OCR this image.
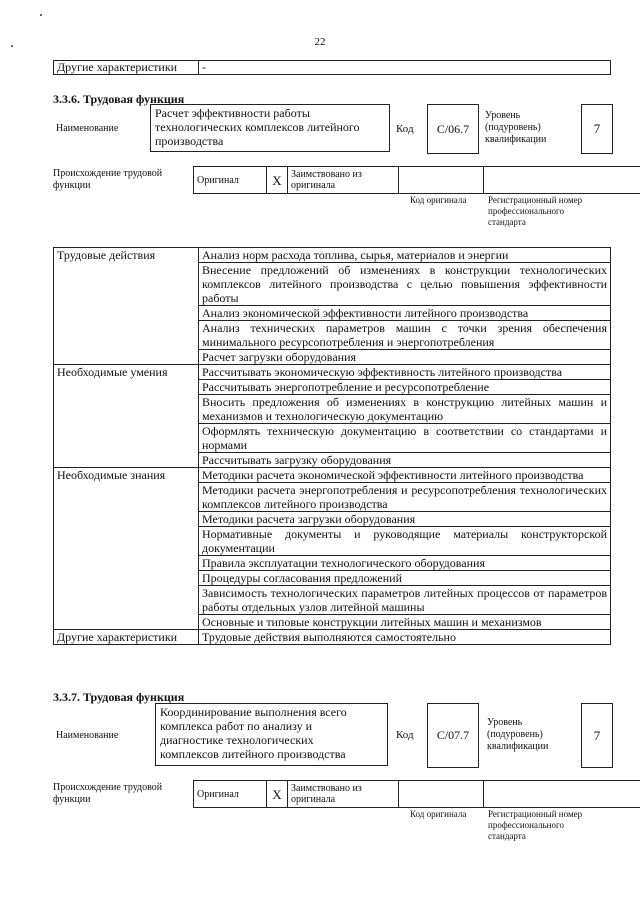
22
Другие характеристики	-
3.3.6. Трудовая функция
Наименование
Расчет эффективности работы
технологических комплексов литейного
производства
Код	С/06.7
Уровень
(подуровень)
квалификации
7
Происхождение трудовой
функции	Оригинал	X	Заимствовано из
оригинала

Код оригинала Регистрационный номер
профессионального
стандарта
Трудовые действия	Анализ норм расхода топлива, сырья, материалов и энергии
	Внесение предложений об изменениях в конструкции технологических комплексов литейного производства с целью повышения эффективности работы
	Анализ экономической эффективности литейного производства
	Анализ технических параметров машин с точки зрения обеспечения минимального ресурсопотребления и энергопотребления
	Расчет загрузки оборудования
Необходимые умения	Рассчитывать экономическую эффективность литейного производства
	Рассчитывать энергопотребление и ресурсопотребление
	Вносить предложения об изменениях в конструкцию литейных машин и механизмов и технологическую документацию
	Оформлять техническую документацию в соответствии со стандартами и нормами
	Рассчитывать загрузку оборудования
Необходимые знания	Методики расчета экономической эффективности литейного производства
	Методики расчета энергопотребления и ресурсопотребления технологических комплексов литейного производства
	Методики расчета загрузки оборудования
	Нормативные документы и руководящие материалы конструкторской документации
	Правила эксплуатации технологического оборудования
	Процедуры согласования предложений
	Зависимость технологических параметров литейных процессов от параметров работы отдельных узлов литейной машины
	Основные и типовые конструкции литейных машин и механизмов
Другие характеристики	Трудовые действия выполняются самостоятельно
3.3.7. Трудовая функция
Наименование
Координирование выполнения всего
комплекса работ по анализу и
диагностике технологических
комплексов литейного производства
Код	С/07.7
Уровень
(подуровень)
квалификации
7
Происхождение трудовой
функции	Оригинал	X	Заимствовано из
оригинала

Код оригинала Регистрационный номер
профессионального
стандарта
